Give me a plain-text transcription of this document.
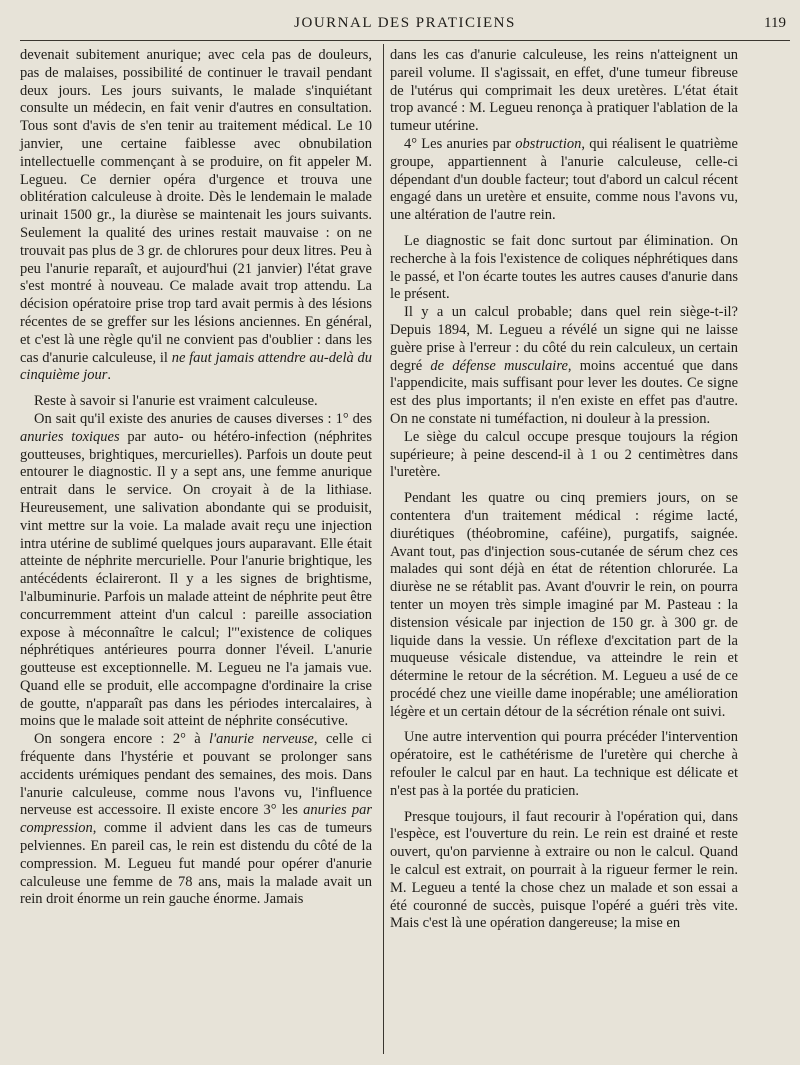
JOURNAL DES PRATICIENS	119

devenait subitement anurique; avec cela pas de douleurs, pas de malaises, possibilité de continuer le travail pendant deux jours. Les jours suivants, le malade s'inquiétant consulte un médecin, en fait venir d'autres en consultation. Tous sont d'avis de s'en tenir au traitement médical. Le 10 janvier, une certaine faiblesse avec obnubilation intellectuelle commençant à se produire, on fit appeler M. Legueu. Ce dernier opéra d'urgence et trouva une oblitération calculeuse à droite. Dès le lendemain le malade urinait 1500 gr., la diurèse se maintenait les jours suivants. Seulement la qualité des urines restait mauvaise : on ne trouvait pas plus de 3 gr. de chlorures pour deux litres. Peu à peu l'anurie reparaît, et aujourd'hui (21 janvier) l'état grave s'est montré à nouveau. Ce malade avait trop attendu. La décision opératoire prise trop tard avait permis à des lésions récentes de se greffer sur les lésions anciennes. En général, et c'est là une règle qu'il ne convient pas d'oublier : dans les cas d'anurie calculeuse, il ne faut jamais attendre au-delà du cinquième jour.

Reste à savoir si l'anurie est vraiment calculeuse.

On sait qu'il existe des anuries de causes diverses : 1° des anuries toxiques par auto- ou hétéro-infection (néphrites goutteuses, brightiques, mercurielles). Parfois un doute peut entourer le diagnostic. Il y a sept ans, une femme anurique entrait dans le service. On croyait à de la lithiase. Heureusement, une salivation abondante qui se produisit, vint mettre sur la voie. La malade avait reçu une injection intra utérine de sublimé quelques jours auparavant. Elle était atteinte de néphrite mercurielle. Pour l'anurie brightique, les antécédents éclaireront. Il y a les signes de brightisme, l'albuminurie. Parfois un malade atteint de néphrite peut être concurremment atteint d'un calcul : pareille association expose à méconnaître le calcul; l'"existence de coliques néphrétiques antérieures pourra donner l'éveil. L'anurie goutteuse est exceptionnelle. M. Legueu ne l'a jamais vue. Quand elle se produit, elle accompagne d'ordinaire la crise de goutte, n'apparaît pas dans les périodes intercalaires, à moins que le malade soit atteint de néphrite consécutive.

On songera encore : 2° à l'anurie nerveuse, celle ci fréquente dans l'hystérie et pouvant se prolonger sans accidents urémiques pendant des semaines, des mois. Dans l'anurie calculeuse, comme nous l'avons vu, l'influence nerveuse est accessoire. Il existe encore 3° les anuries par compression, comme il advient dans les cas de tumeurs pelviennes. En pareil cas, le rein est distendu du côté de la compression. M. Legueu fut mandé pour opérer d'anurie calculeuse une femme de 78 ans, mais la malade avait un rein droit énorme un rein gauche énorme. Jamais

dans les cas d'anurie calculeuse, les reins n'atteignent un pareil volume. Il s'agissait, en effet, d'une tumeur fibreuse de l'utérus qui comprimait les deux uretères. L'état était trop avancé : M. Legueu renonça à pratiquer l'ablation de la tumeur utérine.

4° Les anuries par obstruction, qui réalisent le quatrième groupe, appartiennent à l'anurie calculeuse, celle-ci dépendant d'un double facteur; tout d'abord un calcul récent engagé dans un uretère et ensuite, comme nous l'avons vu, une altération de l'autre rein.

Le diagnostic se fait donc surtout par élimination. On recherche à la fois l'existence de coliques néphrétiques dans le passé, et l'on écarte toutes les autres causes d'anurie dans le présent.

Il y a un calcul probable; dans quel rein siège-t-il? Depuis 1894, M. Legueu a révélé un signe qui ne laisse guère prise à l'erreur : du côté du rein calculeux, un certain degré de défense musculaire, moins accentué que dans l'appendicite, mais suffisant pour lever les doutes. Ce signe est des plus importants; il n'en existe en effet pas d'autre. On ne constate ni tuméfaction, ni douleur à la pression.

Le siège du calcul occupe presque toujours la région supérieure; à peine descend-il à 1 ou 2 centimètres dans l'uretère.

Pendant les quatre ou cinq premiers jours, on se contentera d'un traitement médical : régime lacté, diurétiques (théobromine, caféine), purgatifs, saignée. Avant tout, pas d'injection sous-cutanée de sérum chez ces malades qui sont déjà en état de rétention chlorurée. La diurèse ne se rétablit pas. Avant d'ouvrir le rein, on pourra tenter un moyen très simple imaginé par M. Pasteau : la distension vésicale par injection de 150 gr. à 300 gr. de liquide dans la vessie. Un réflexe d'excitation part de la muqueuse vésicale distendue, va atteindre le rein et détermine le retour de la sécrétion. M. Legueu a usé de ce procédé chez une vieille dame inopérable; une amélioration légère et un certain détour de la sécrétion rénale ont suivi.

Une autre intervention qui pourra précéder l'intervention opératoire, est le cathétérisme de l'uretère qui cherche à refouler le calcul par en haut. La technique est délicate et n'est pas à la portée du praticien.

Presque toujours, il faut recourir à l'opération qui, dans l'espèce, est l'ouverture du rein. Le rein est drainé et reste ouvert, qu'on parvienne à extraire ou non le calcul. Quand le calcul est extrait, on pourrait à la rigueur fermer le rein. M. Legueu a tenté la chose chez un malade et son essai a été couronné de succès, puisque l'opéré a guéri très vite. Mais c'est là une opération dangereuse; la mise en
